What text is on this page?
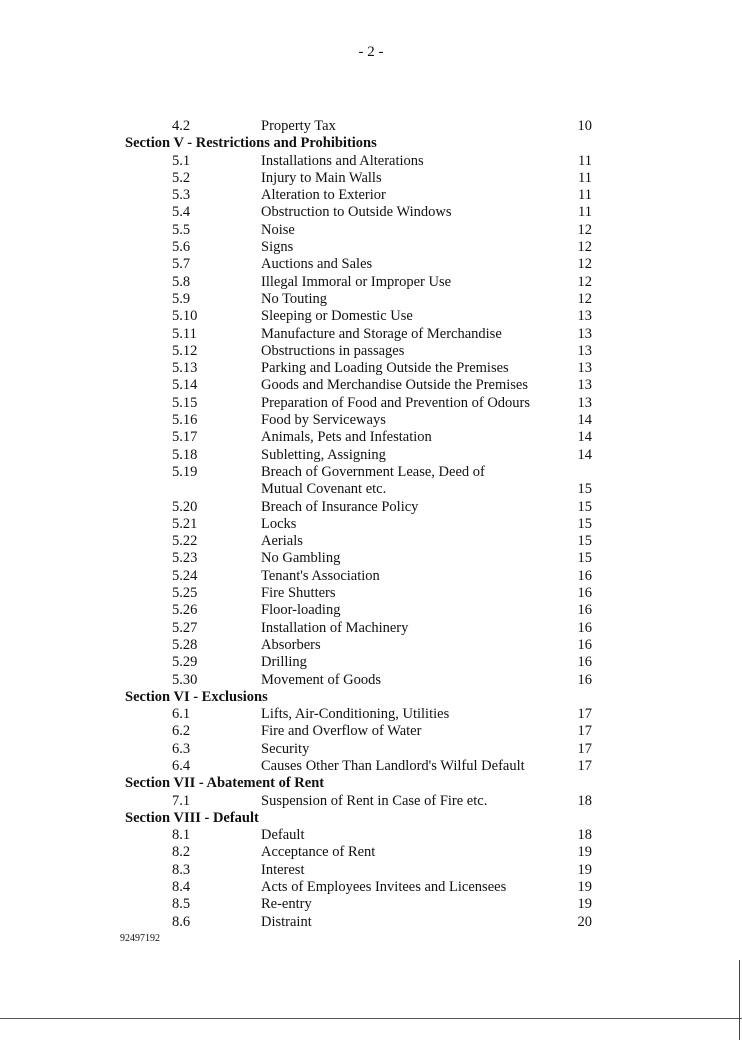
- 2 -
4.2	Property Tax	10
Section V - Restrictions and Prohibitions
5.1	Installations and Alterations	11
5.2	Injury to Main Walls	11
5.3	Alteration to Exterior	11
5.4	Obstruction to Outside Windows	11
5.5	Noise	12
5.6	Signs	12
5.7	Auctions and Sales	12
5.8	Illegal Immoral or Improper Use	12
5.9	No Touting	12
5.10	Sleeping or Domestic Use	13
5.11	Manufacture and Storage of Merchandise	13
5.12	Obstructions in passages	13
5.13	Parking and Loading Outside the Premises	13
5.14	Goods and Merchandise Outside the Premises	13
5.15	Preparation of Food and Prevention of Odours	13
5.16	Food by Serviceways	14
5.17	Animals, Pets and Infestation	14
5.18	Subletting, Assigning	14
5.19	Breach of Government Lease, Deed of
Mutual Covenant etc.	15
5.20	Breach of Insurance Policy	15
5.21	Locks	15
5.22	Aerials	15
5.23	No Gambling	15
5.24	Tenant's Association	16
5.25	Fire Shutters	16
5.26	Floor-loading	16
5.27	Installation of Machinery	16
5.28	Absorbers	16
5.29	Drilling	16
5.30	Movement of Goods	16
Section VI - Exclusions
6.1	Lifts, Air-Conditioning, Utilities	17
6.2	Fire and Overflow of Water	17
6.3	Security	17
6.4	Causes Other Than Landlord's Wilful Default	17
Section VII - Abatement of Rent
7.1	Suspension of Rent in Case of Fire etc.	18
Section VIII - Default
8.1	Default	18
8.2	Acceptance of Rent	19
8.3	Interest	19
8.4	Acts of Employees Invitees and Licensees	19
8.5	Re-entry	19
8.6	Distraint	20
92497192
